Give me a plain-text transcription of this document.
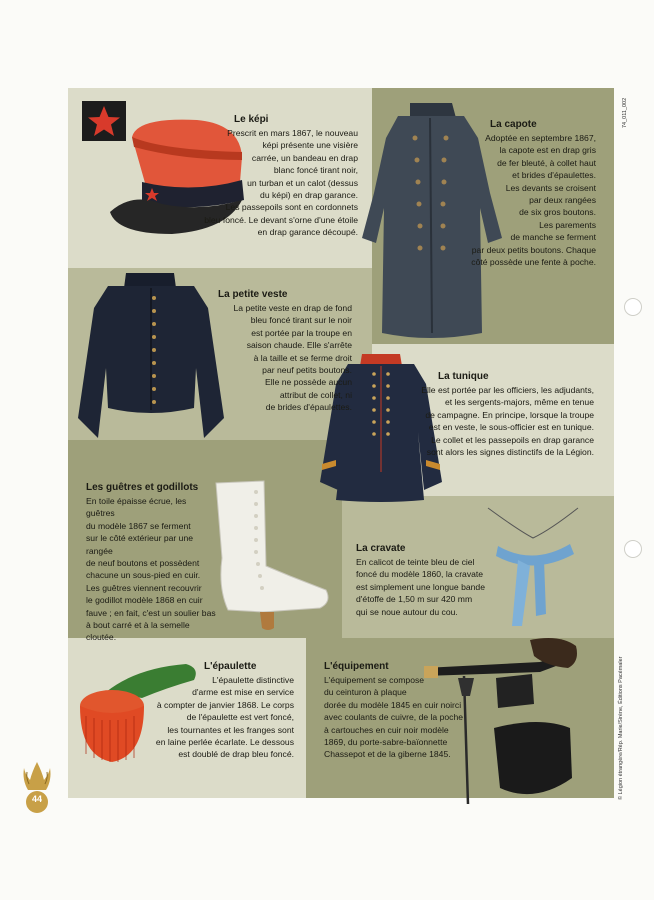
Le képi

Prescrit en mars 1867, le nouveau

képi présente une visière

carrée, un bandeau en drap

blanc foncé tirant noir,

un turban et un calot (dessus

du képi) en drap garance.

Les passepoils sont en cordonnets

bleu foncé. Le devant s'orne d'une étoile

en drap garance découpé.

La capote

Adoptée en septembre 1867,

la capote est en drap gris

de fer bleuté, à collet haut

et brides d'épaulettes.

Les devants se croisent

par deux rangées

de six gros boutons.

Les parements

de manche se ferment

par deux petits boutons. Chaque

côté possède une fente à poche.

La petite veste

La petite veste en drap de fond

bleu foncé tirant sur le noir

est portée par la troupe en

saison chaude. Elle s'arrête

à la taille et se ferme droit

par neuf petits boutons.

Elle ne possède aucun

attribut de collet, ni

de brides d'épaulettes.

La tunique

Elle est portée par les officiers, les adjudants,

et les sergents-majors, même en tenue

de campagne. En principe, lorsque la troupe

est en veste, le sous-officier est en tunique.

Le collet et les passepoils en drap garance

sont alors les signes distinctifs de la Légion.

Les guêtres et godillots

En toile épaisse écrue, les guêtres

du modèle 1867 se ferment

sur le côté extérieur par une rangée

de neuf boutons et possèdent

chacune un sous-pied en cuir.

Les guêtres viennent recouvrir

le godillot modèle 1868 en cuir

fauve ; en fait, c'est un soulier bas

à bout carré et à la semelle cloutée.

La cravate

En calicot de teinte bleu de ciel

foncé du modèle 1860, la cravate

est simplement une longue bande

d'étoffe de 1,50 m sur 420 mm

qui se noue autour du cou.

L'épaulette

L'épaulette distinctive

d'arme est mise en service

à compter de janvier 1868. Le corps

de l'épaulette est vert foncé,

les tournantes et les franges sont

en laine perlée écarlate. Le dessous

est doublé de drap bleu foncé.

L'équipement

L'équipement se compose

du ceinturon à plaque

dorée du modèle 1845 en cuir noirci

avec coulants de cuivre, de la poche

à cartouches en cuir noir modèle

1869, du porte-sabre-baïonnette

Chassepot et de la giberne 1845.

74_011_002
© Légion étrangère/Rép. Marie/Sirène, Éditions Pacémaler
44
